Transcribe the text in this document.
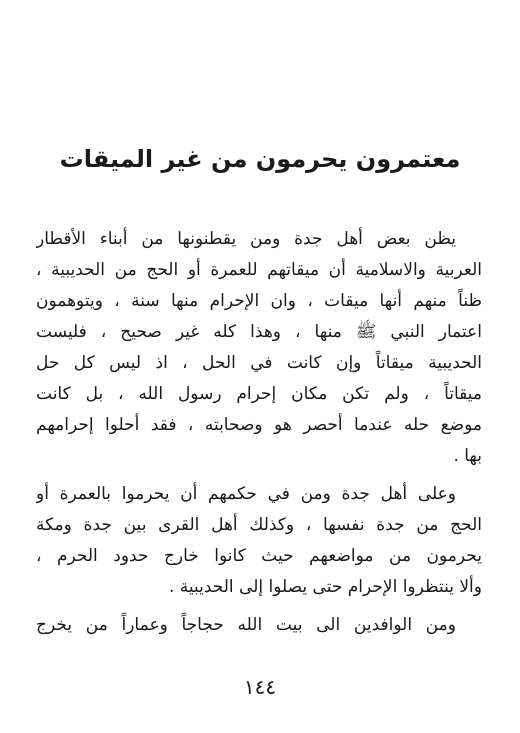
معتمرون يحرمون من غير الميقات
يظن بعض أهل جدة ومن يقطنونها من أبناء الأقطار
العربية والاسلامية أن ميقاتهم للعمرة أو الحج من الحديبية ،
ظناً منهم أنها ميقات ، وان الإحرام منها سنة ، ويتوهمون
اعتمار النبي ﷺ منها ، وهذا كله غير صحيح ، فليست
الحديبية ميقاتاً وإن كانت في الحل ، اذ ليس كل حل
ميقاتاً ، ولم تكن مكان إحرام رسول الله ، بل كانت
موضع حله عندما أحصر هو وصحابته ، فقد أحلوا إحرامهم
بها .
وعلى أهل جدة ومن في حكمهم أن يحرموا بالعمرة أو
الحج من جدة نفسها ، وكذلك أهل القرى بين جدة ومكة
يحرمون من مواضعهم حيث كانوا خارج حدود الحرم ،
وألا ينتظروا الإحرام حتى يصلوا إلى الحديبية .
ومن الوافدين الى بيت الله حجاجاً وعماراً من يخرج
١٤٤
